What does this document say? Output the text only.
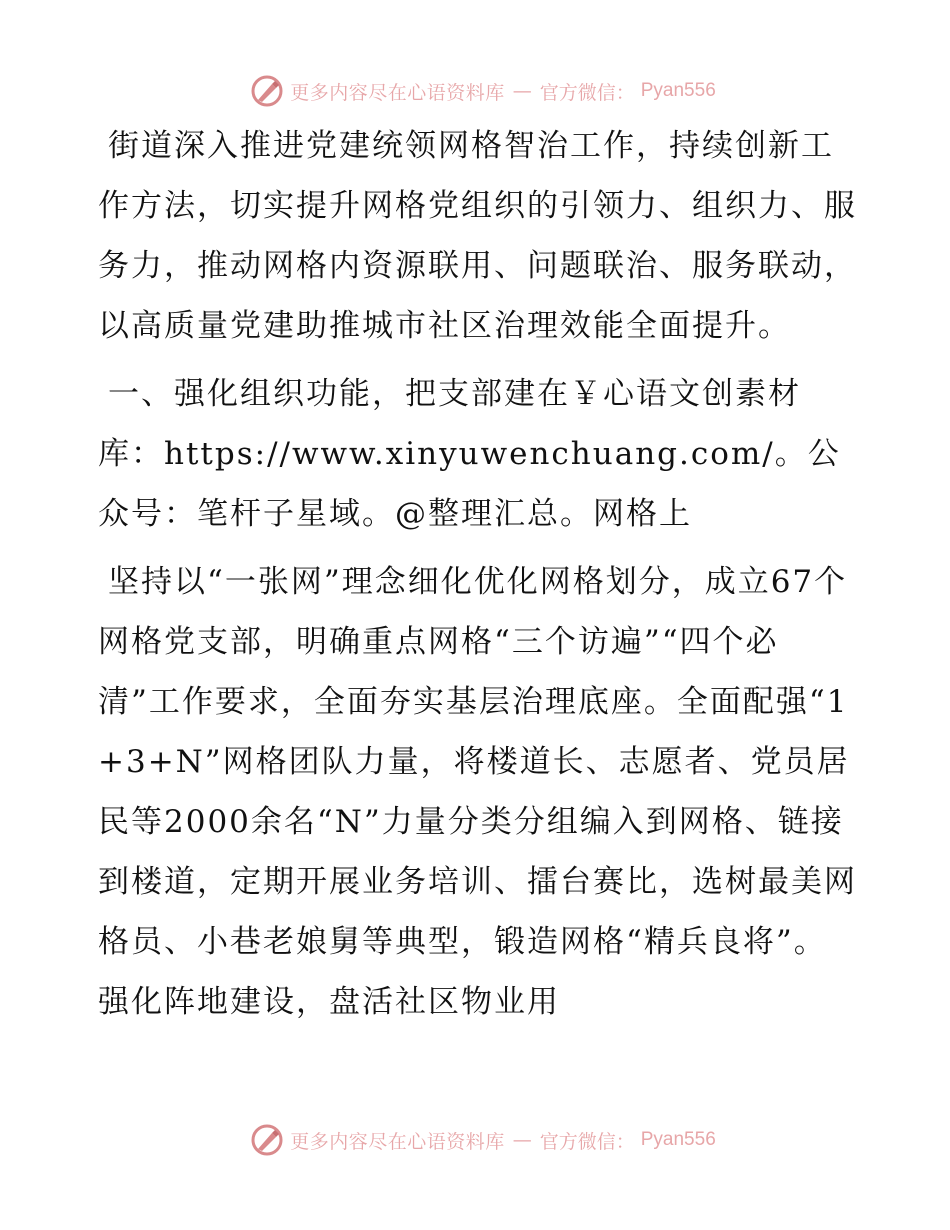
更多内容尽在心语资料库 — 官方微信： Pyan556

街道深入推进党建统领网格智治工作，持续创新工作方法，切实提升网格党组织的引领力、组织力、服务力，推动网格内资源联用、问题联治、服务联动，以高质量党建助推城市社区治理效能全面提升。

一、强化组织功能，把支部建在￥心语文创素材库：https://www.xinyuwenchuang.com/。公众号：笔杆子星域。@整理汇总。网格上

坚持以“一张网”理念细化优化网格划分，成立67个网格党支部，明确重点网格“三个访遍”“四个必清”工作要求，全面夯实基层治理底座。全面配强“1+3+N”网格团队力量，将楼道长、志愿者、党员居民等2000余名“N”力量分类分组编入到网格、链接到楼道，定期开展业务培训、擂台赛比，选树最美网格员、小巷老娘舅等典型，锻造网格“精兵良将”。强化阵地建设，盘活社区物业用

更多内容尽在心语资料库 — 官方微信： Pyan556
